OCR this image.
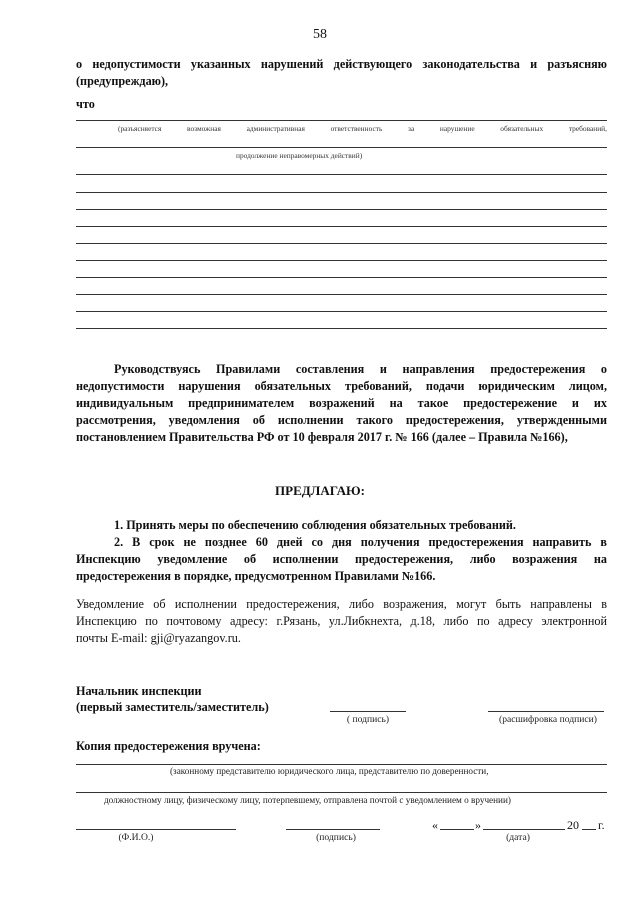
58
о недопустимости указанных нарушений действующего законодательства и разъясняю
(предупреждаю),
что
(разъясняется возможная административная ответственность за нарушение обязательных требований,
продолжение неправомерных действий)
Руководствуясь Правилами составления и направления предостережения о
недопустимости нарушения обязательных требований, подачи юридическим лицом,
индивидуальным предпринимателем возражений на такое предостережение и их
рассмотрения, уведомления об исполнении такого предостережения, утвержденными
постановлением Правительства РФ от 10 февраля 2017 г. № 166 (далее – Правила №166),
ПРЕДЛАГАЮ:
1. Принять меры по обеспечению соблюдения обязательных требований.
2. В срок не позднее 60 дней со дня получения предостережения направить в
Инспекцию уведомление об исполнении предостережения, либо возражения на
предостережения в порядке, предусмотренном Правилами №166.
Уведомление об исполнении предостережения, либо возражения, могут быть направлены в
Инспекцию по почтовому адресу: г.Рязань, ул.Либкнехта, д.18, либо по адресу электронной
почты E-mail: gji@ryazangov.ru.
Начальник инспекции
(первый заместитель/заместитель)
( подпись)	(расшифровка подписи)
Копия предостережения вручена:
(законному представителю юридического лица, представителю по доверенности,
должностному лицу, физическому лицу, потерпевшему, отправлена почтой с уведомлением о вручении)
«	»	20 г.
(Ф.И.О.)	(подпись)	(дата)
